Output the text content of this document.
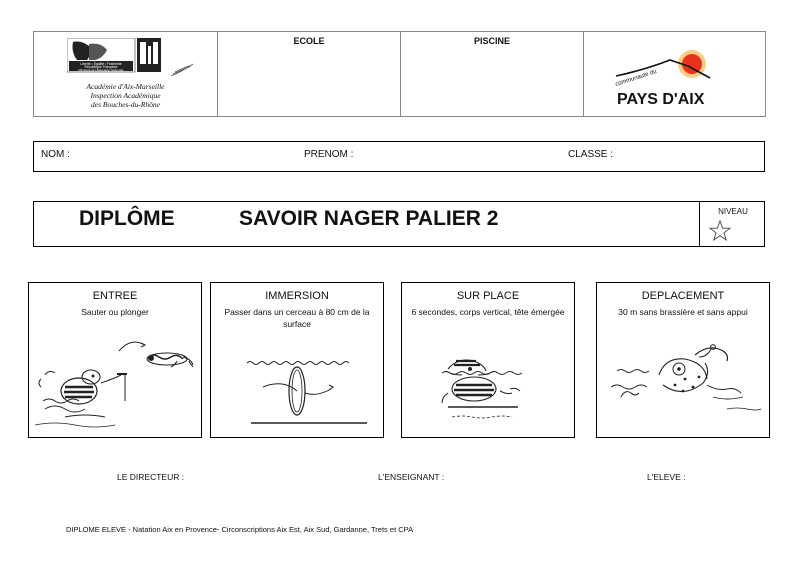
Liberté • Égalité • Fraternité
République Française
Ministère de l'Éducation Nationale
Académie d'Aix-Marseille
Inspection Académique
des Bouches-du-Rhône
ECOLE	PISCINE
communauté du
PAYS D'AIX
NOM :	PRENOM :	CLASSE :
DIPLÔME	SAVOIR NAGER PALIER 2	NIVEAU
ENTREE
Sauter ou plonger
IMMERSION
Passer dans un cerceau à 80 cm de la surface
SUR PLACE
6 secondes, corps vertical, tête émergée
DEPLACEMENT
30 m sans brassière et sans appui
LE DIRECTEUR :	L'ENSEIGNANT :	L'ELEVE :
DIPLOME ELEVE - Natation Aix en Provence- Circonscriptions Aix Est, Aix Sud, Gardanne, Trets et CPA
